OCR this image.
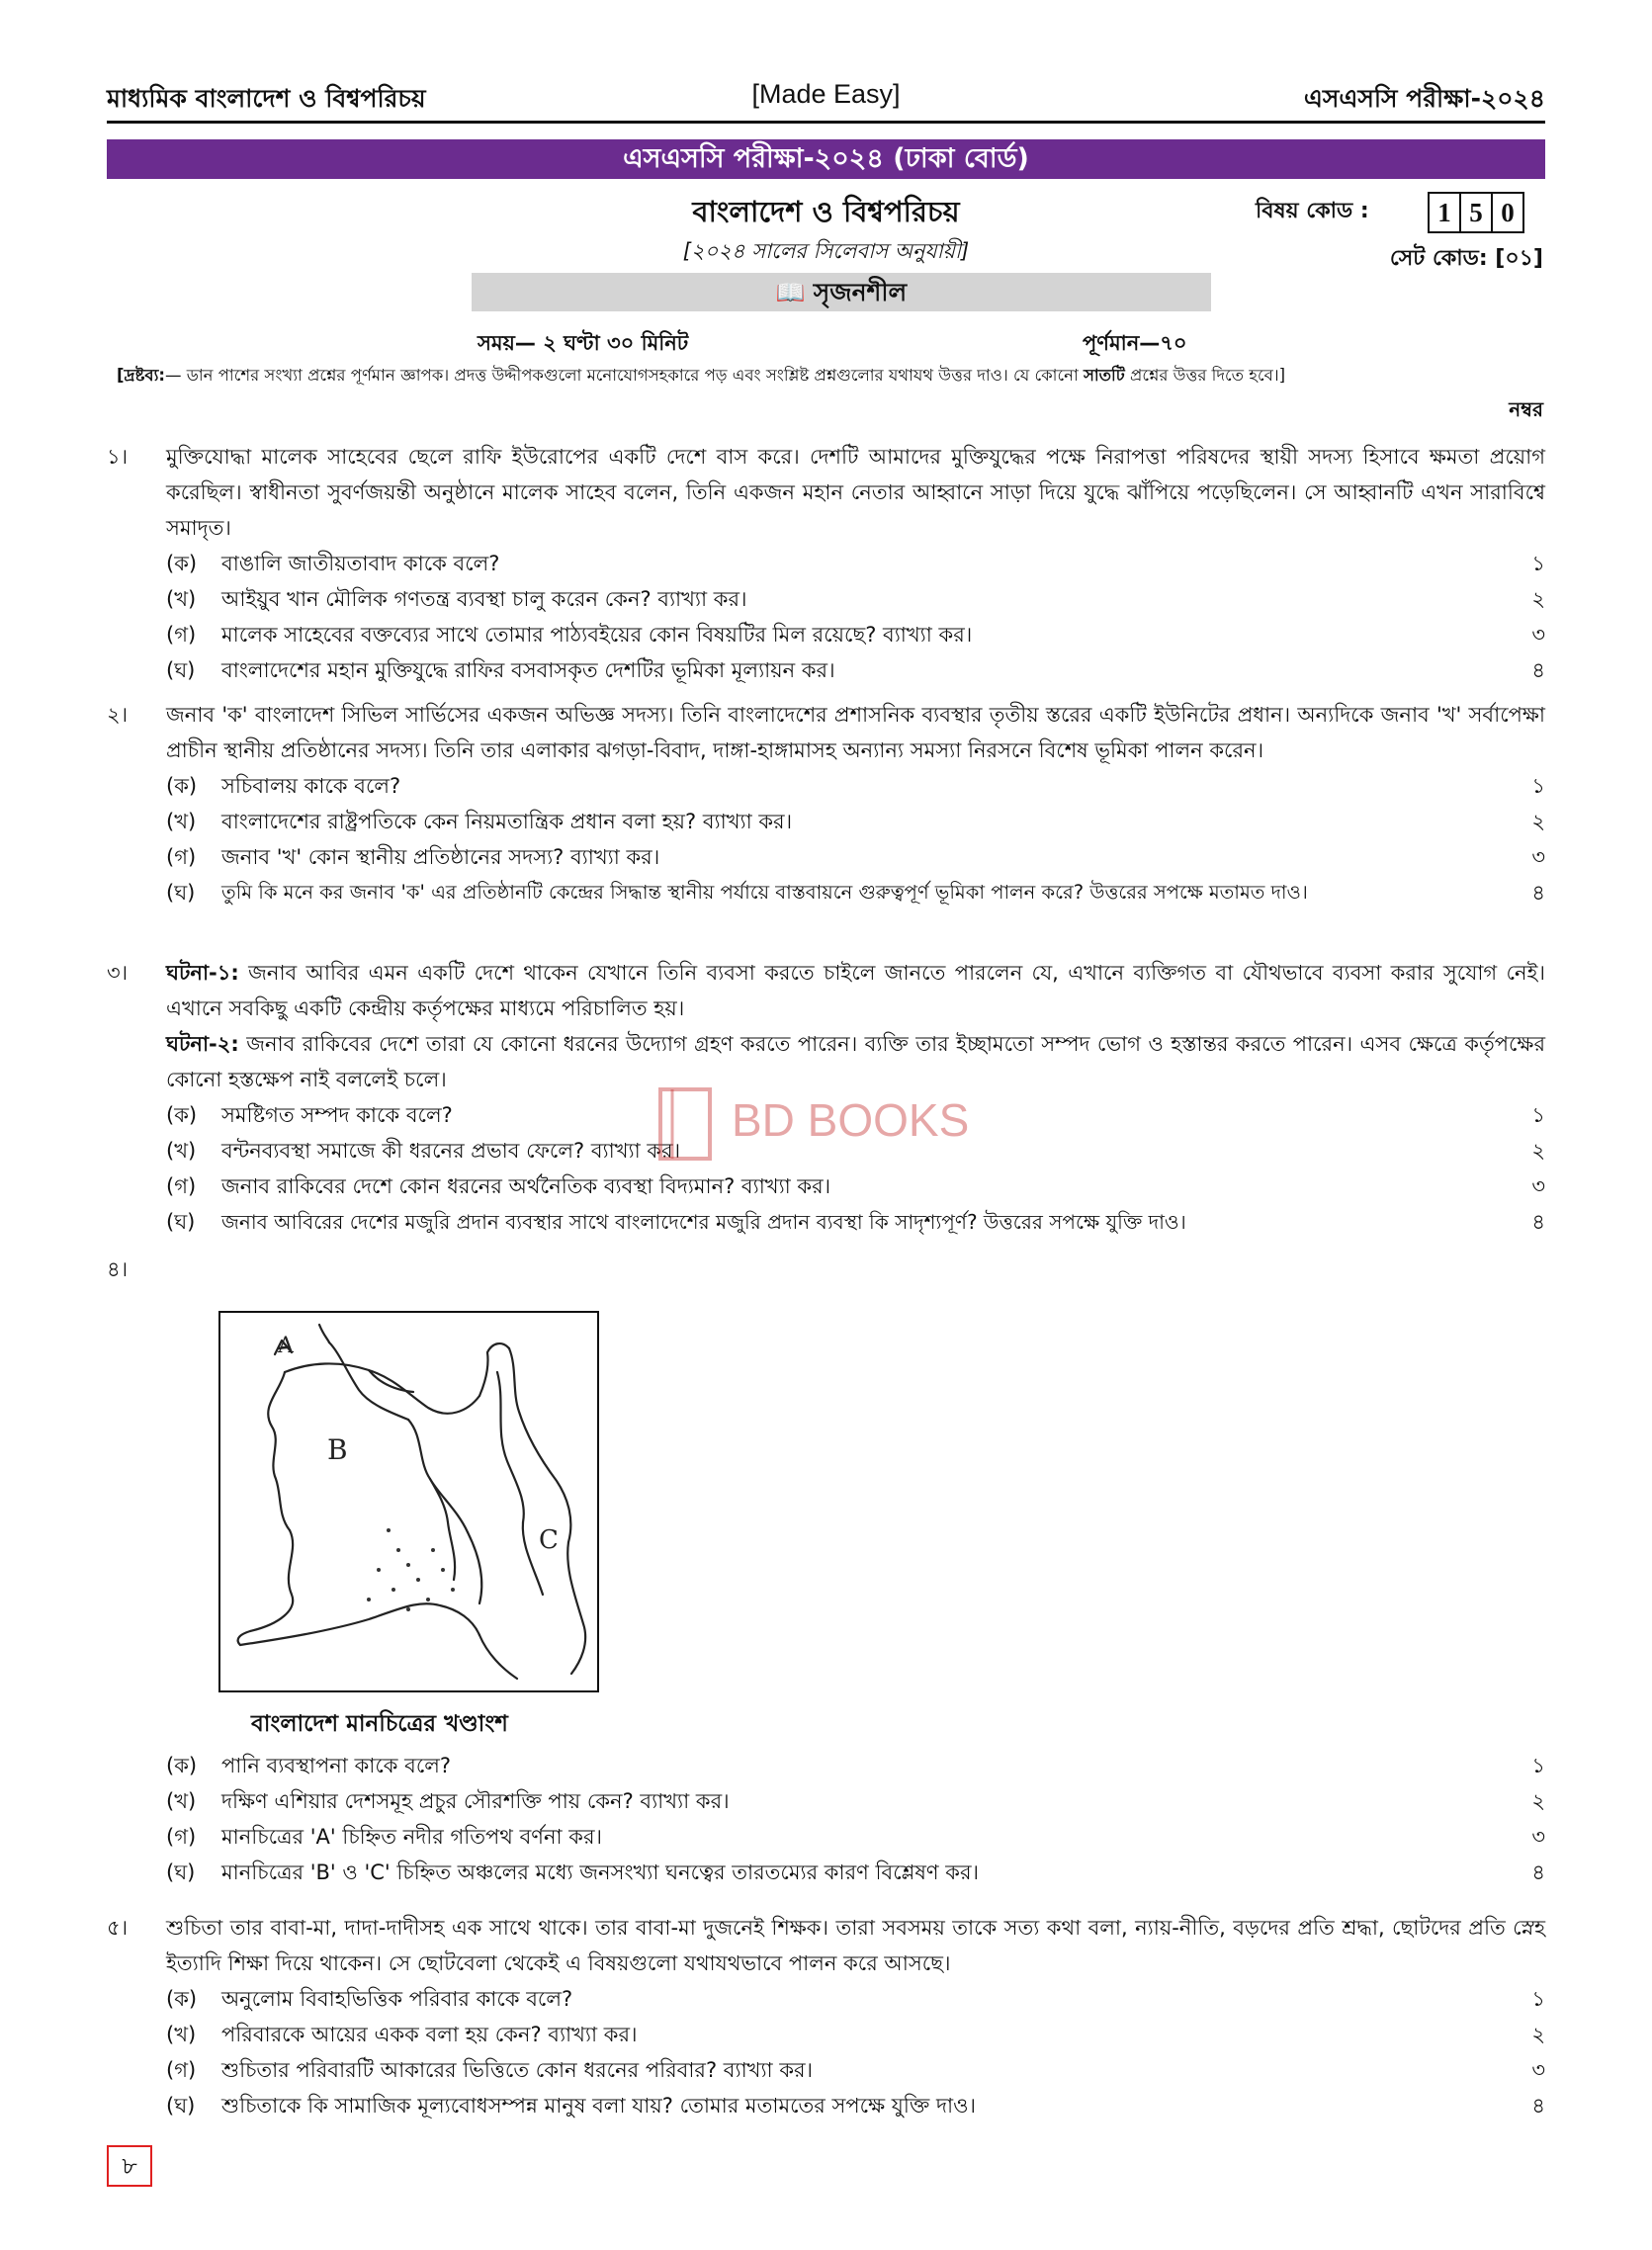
মাধ্যমিক বাংলাদেশ ও বিশ্বপরিচয়	[Made Easy]	এসএসসি পরীক্ষা-২০২৪
এসএসসি পরীক্ষা-২০২৪ (ঢাকা বোর্ড)
বাংলাদেশ ও বিশ্বপরিচয়	বিষয় কোড :	1 5 0
[২০২৪ সালের সিলেবাস অনুযায়ী]	সেট কোড: [০১]
📖 সৃজনশীল
সময়— ২ ঘণ্টা ৩০ মিনিট	পূর্ণমান—৭০
[দ্রষ্টব্য:— ডান পাশের সংখ্যা প্রশ্নের পূর্ণমান জ্ঞাপক। প্রদত্ত উদ্দীপকগুলো মনোযোগসহকারে পড় এবং সংশ্লিষ্ট প্রশ্নগুলোর যথাযথ উত্তর দাও। যে কোনো সাতটি প্রশ্নের উত্তর দিতে হবে।]
নম্বর
১। মুক্তিযোদ্ধা মালেক সাহেবের ছেলে রাফি ইউরোপের একটি দেশে বাস করে। দেশটি আমাদের মুক্তিযুদ্ধের পক্ষে নিরাপত্তা পরিষদের স্থায়ী সদস্য হিসাবে ক্ষমতা প্রয়োগ করেছিল। স্বাধীনতা সুবর্ণজয়ন্তী অনুষ্ঠানে মালেক সাহেব বলেন, তিনি একজন মহান নেতার আহ্বানে সাড়া দিয়ে যুদ্ধে ঝাঁপিয়ে পড়েছিলেন। সে আহ্বানটি এখন সারাবিশ্বে সমাদৃত।
(ক) বাঙালি জাতীয়তাবাদ কাকে বলে?	১
(খ) আইয়ুব খান মৌলিক গণতন্ত্র ব্যবস্থা চালু করেন কেন? ব্যাখ্যা কর।	২
(গ) মালেক সাহেবের বক্তব্যের সাথে তোমার পাঠ্যবইয়ের কোন বিষয়টির মিল রয়েছে? ব্যাখ্যা কর।	৩
(ঘ) বাংলাদেশের মহান মুক্তিযুদ্ধে রাফির বসবাসকৃত দেশটির ভূমিকা মূল্যায়ন কর।	৪
২। জনাব 'ক' বাংলাদেশ সিভিল সার্ভিসের একজন অভিজ্ঞ সদস্য। তিনি বাংলাদেশের প্রশাসনিক ব্যবস্থার তৃতীয় স্তরের একটি ইউনিটের প্রধান। অন্যদিকে জনাব 'খ' সর্বাপেক্ষা প্রাচীন স্থানীয় প্রতিষ্ঠানের সদস্য। তিনি তার এলাকার ঝগড়া-বিবাদ, দাঙ্গা-হাঙ্গামাসহ অন্যান্য সমস্যা নিরসনে বিশেষ ভূমিকা পালন করেন।
(ক) সচিবালয় কাকে বলে?	১
(খ) বাংলাদেশের রাষ্ট্রপতিকে কেন নিয়মতান্ত্রিক প্রধান বলা হয়? ব্যাখ্যা কর।	২
(গ) জনাব 'খ' কোন স্থানীয় প্রতিষ্ঠানের সদস্য? ব্যাখ্যা কর।	৩
(ঘ) তুমি কি মনে কর জনাব 'ক' এর প্রতিষ্ঠানটি কেন্দ্রের সিদ্ধান্ত স্থানীয় পর্যায়ে বাস্তবায়নে গুরুত্বপূর্ণ ভূমিকা পালন করে? উত্তরের সপক্ষে মতামত দাও।	৪
৩। ঘটনা-১: জনাব আবির এমন একটি দেশে থাকেন যেখানে তিনি ব্যবসা করতে চাইলে জানতে পারলেন যে, এখানে ব্যক্তিগত বা যৌথভাবে ব্যবসা করার সুযোগ নেই। এখানে সবকিছু একটি কেন্দ্রীয় কর্তৃপক্ষের মাধ্যমে পরিচালিত হয়।
ঘটনা-২: জনাব রাকিবের দেশে তারা যে কোনো ধরনের উদ্যোগ গ্রহণ করতে পারেন। ব্যক্তি তার ইচ্ছামতো সম্পদ ভোগ ও হস্তান্তর করতে পারেন। এসব ক্ষেত্রে কর্তৃপক্ষের কোনো হস্তক্ষেপ নাই বললেই চলে।
(ক) সমষ্টিগত সম্পদ কাকে বলে?	১
(খ) বন্টনব্যবস্থা সমাজে কী ধরনের প্রভাব ফেলে? ব্যাখ্যা কর।	২
(গ) জনাব রাকিবের দেশে কোন ধরনের অর্থনৈতিক ব্যবস্থা বিদ্যমান? ব্যাখ্যা কর।	৩
(ঘ) জনাব আবিরের দেশের মজুরি প্রদান ব্যবস্থার সাথে বাংলাদেশের মজুরি প্রদান ব্যবস্থা কি সাদৃশ্যপূর্ণ? উত্তরের সপক্ষে যুক্তি দাও।	৪
BD BOOKS
৪।
A
B
C
বাংলাদেশ মানচিত্রের খণ্ডাংশ
(ক) পানি ব্যবস্থাপনা কাকে বলে?	১
(খ) দক্ষিণ এশিয়ার দেশসমূহ প্রচুর সৌরশক্তি পায় কেন? ব্যাখ্যা কর।	২
(গ) মানচিত্রের 'A' চিহ্নিত নদীর গতিপথ বর্ণনা কর।	৩
(ঘ) মানচিত্রের 'B' ও 'C' চিহ্নিত অঞ্চলের মধ্যে জনসংখ্যা ঘনত্বের তারতম্যের কারণ বিশ্লেষণ কর।	৪
৫। শুচিতা তার বাবা-মা, দাদা-দাদীসহ এক সাথে থাকে। তার বাবা-মা দুজনেই শিক্ষক। তারা সবসময় তাকে সত্য কথা বলা, ন্যায়-নীতি, বড়দের প্রতি শ্রদ্ধা, ছোটদের প্রতি স্নেহ ইত্যাদি শিক্ষা দিয়ে থাকেন। সে ছোটবেলা থেকেই এ বিষয়গুলো যথাযথভাবে পালন করে আসছে।
(ক) অনুলোম বিবাহভিত্তিক পরিবার কাকে বলে?	১
(খ) পরিবারকে আয়ের একক বলা হয় কেন? ব্যাখ্যা কর।	২
(গ) শুচিতার পরিবারটি আকারের ভিত্তিতে কোন ধরনের পরিবার? ব্যাখ্যা কর।	৩
(ঘ) শুচিতাকে কি সামাজিক মূল্যবোধসম্পন্ন মানুষ বলা যায়? তোমার মতামতের সপক্ষে যুক্তি দাও।	৪
৮
